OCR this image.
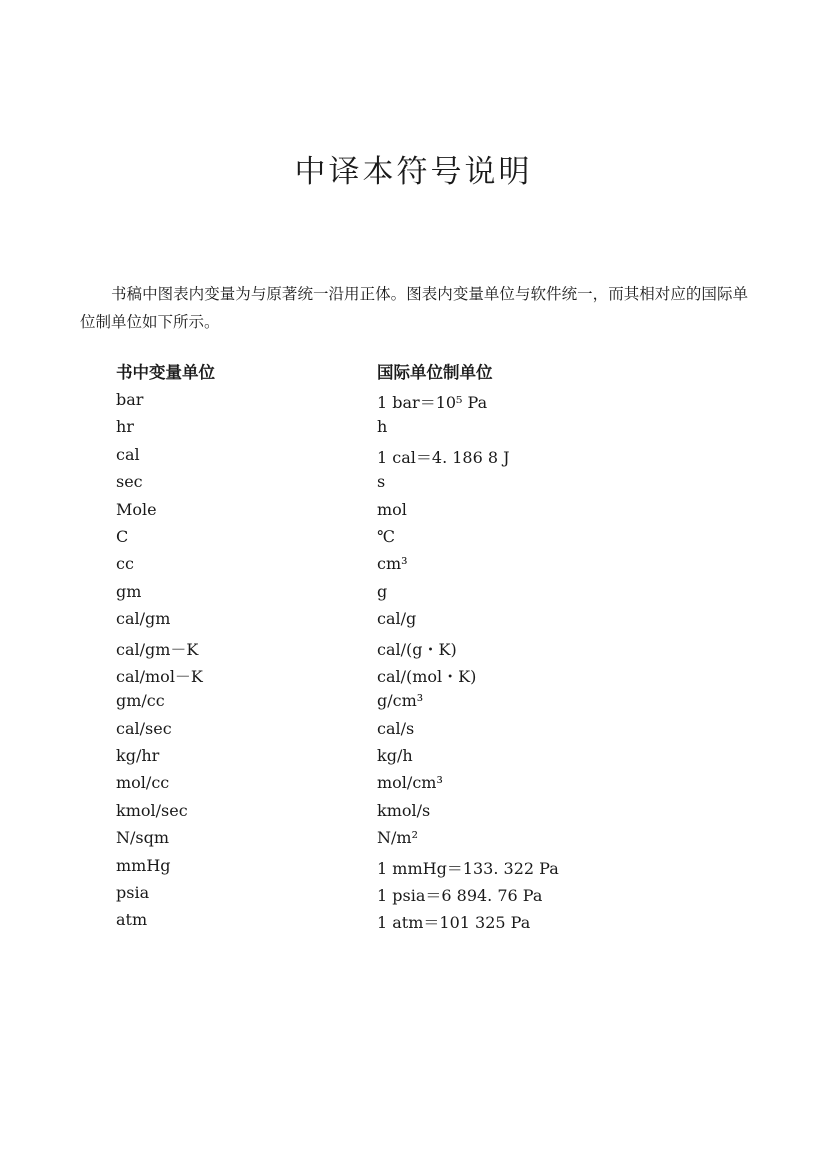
中译本符号说明

书稿中图表内变量为与原著统一沿用正体。图表内变量单位与软件统一，而其相对应的国际单位制单位如下所示。

书中变量单位	国际单位制单位
bar	1 bar＝10⁵ Pa
hr	h
cal	1 cal＝4. 186 8 J
sec	s
Mole	mol
C	℃
cc	cm³
gm	g
cal/gm	cal/g
cal/gm－K	cal/(g・K)
cal/mol－K	cal/(mol・K)
gm/cc	g/cm³
cal/sec	cal/s
kg/hr	kg/h
mol/cc	mol/cm³
kmol/sec	kmol/s
N/sqm	N/m²
mmHg	1 mmHg＝133. 322 Pa
psia	1 psia＝6 894. 76 Pa
atm	1 atm＝101 325 Pa
